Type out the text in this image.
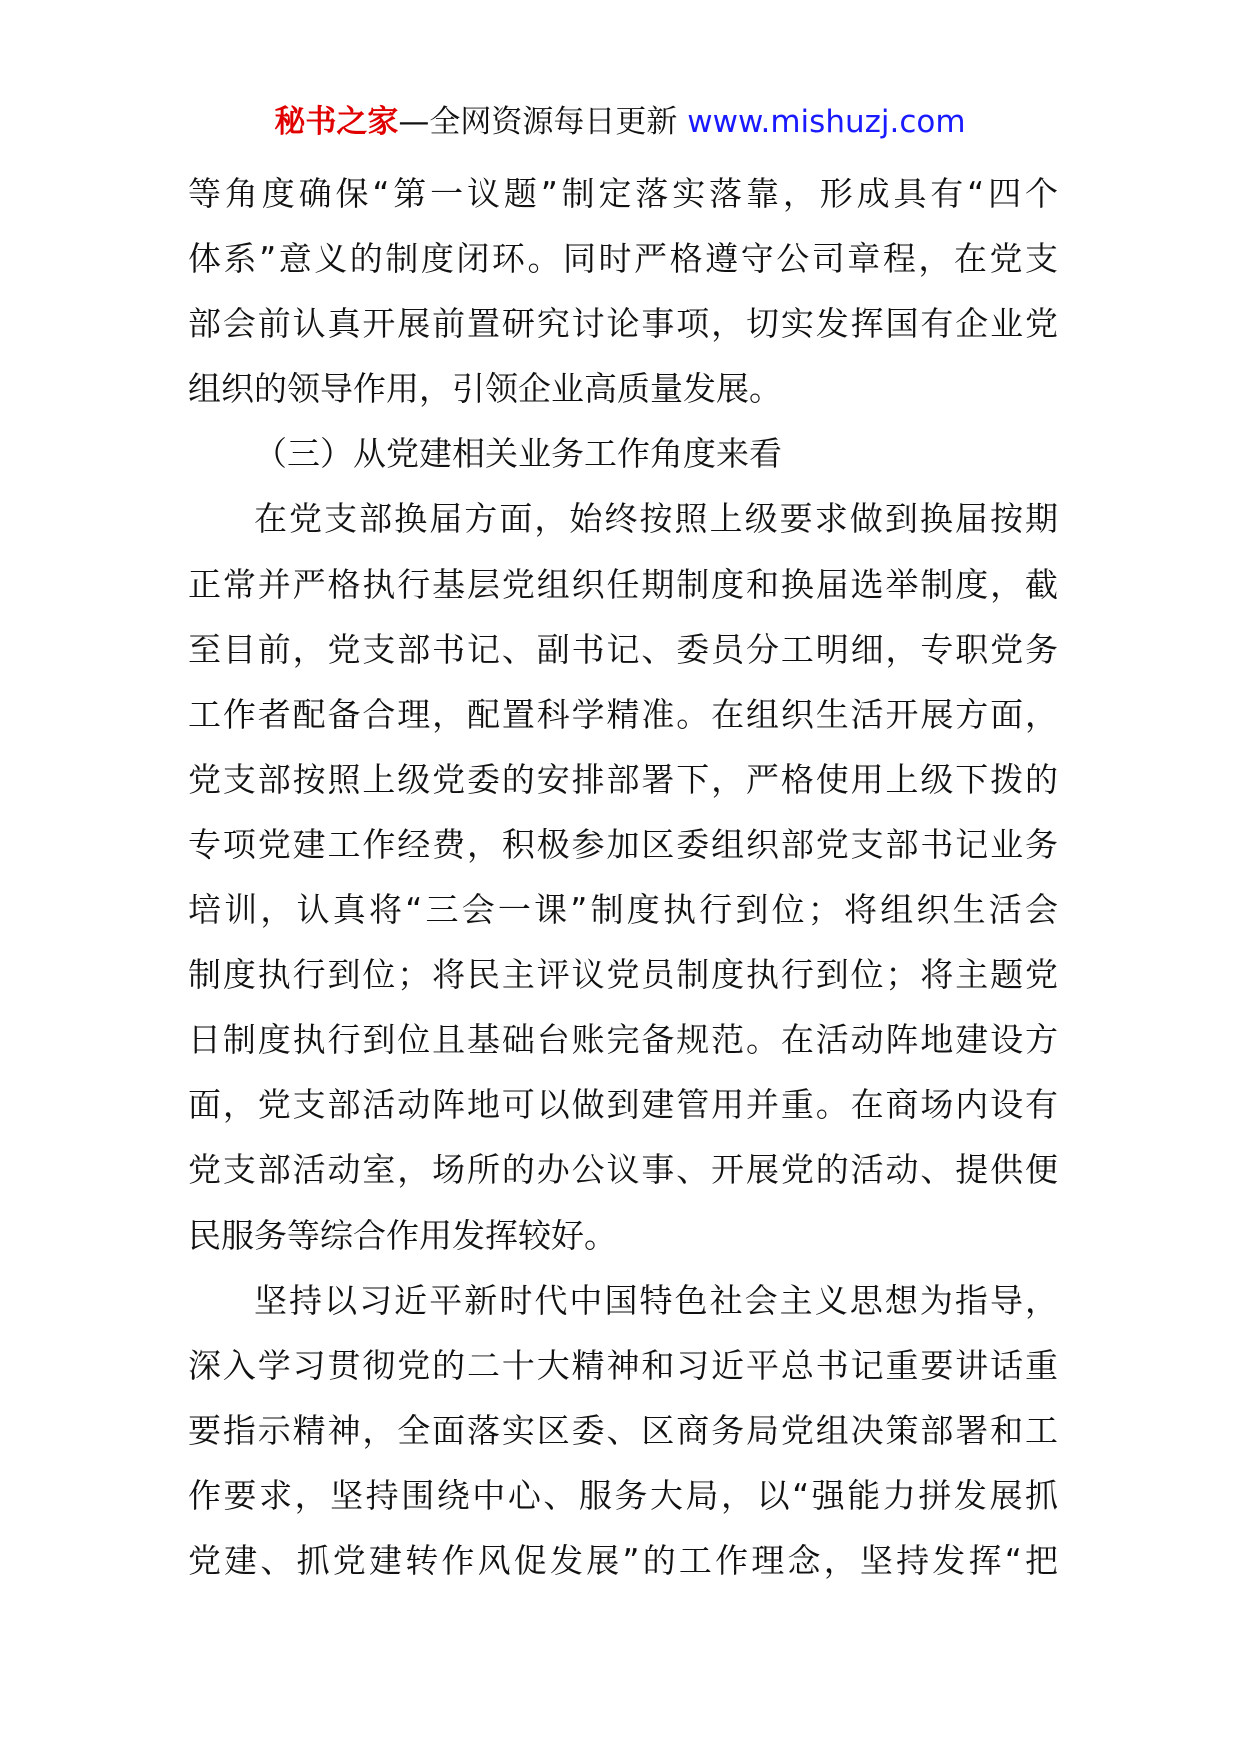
秘书之家—全网资源每日更新 www.mishuzj.com
等角度确保“第一议题”制定落实落靠，形成具有“四个
体系”意义的制度闭环。同时严格遵守公司章程，在党支
部会前认真开展前置研究讨论事项，切实发挥国有企业党
组织的领导作用，引领企业高质量发展。
（三）从党建相关业务工作角度来看
在党支部换届方面，始终按照上级要求做到换届按期
正常并严格执行基层党组织任期制度和换届选举制度，截
至目前，党支部书记、副书记、委员分工明细，专职党务
工作者配备合理，配置科学精准。在组织生活开展方面，
党支部按照上级党委的安排部署下，严格使用上级下拨的
专项党建工作经费，积极参加区委组织部党支部书记业务
培训，认真将“三会一课”制度执行到位；将组织生活会
制度执行到位；将民主评议党员制度执行到位；将主题党
日制度执行到位且基础台账完备规范。在活动阵地建设方
面，党支部活动阵地可以做到建管用并重。在商场内设有
党支部活动室，场所的办公议事、开展党的活动、提供便
民服务等综合作用发挥较好。
坚持以习近平新时代中国特色社会主义思想为指导，
深入学习贯彻党的二十大精神和习近平总书记重要讲话重
要指示精神，全面落实区委、区商务局党组决策部署和工
作要求，坚持围绕中心、服务大局，以“强能力拼发展抓
党建、抓党建转作风促发展”的工作理念，坚持发挥“把
